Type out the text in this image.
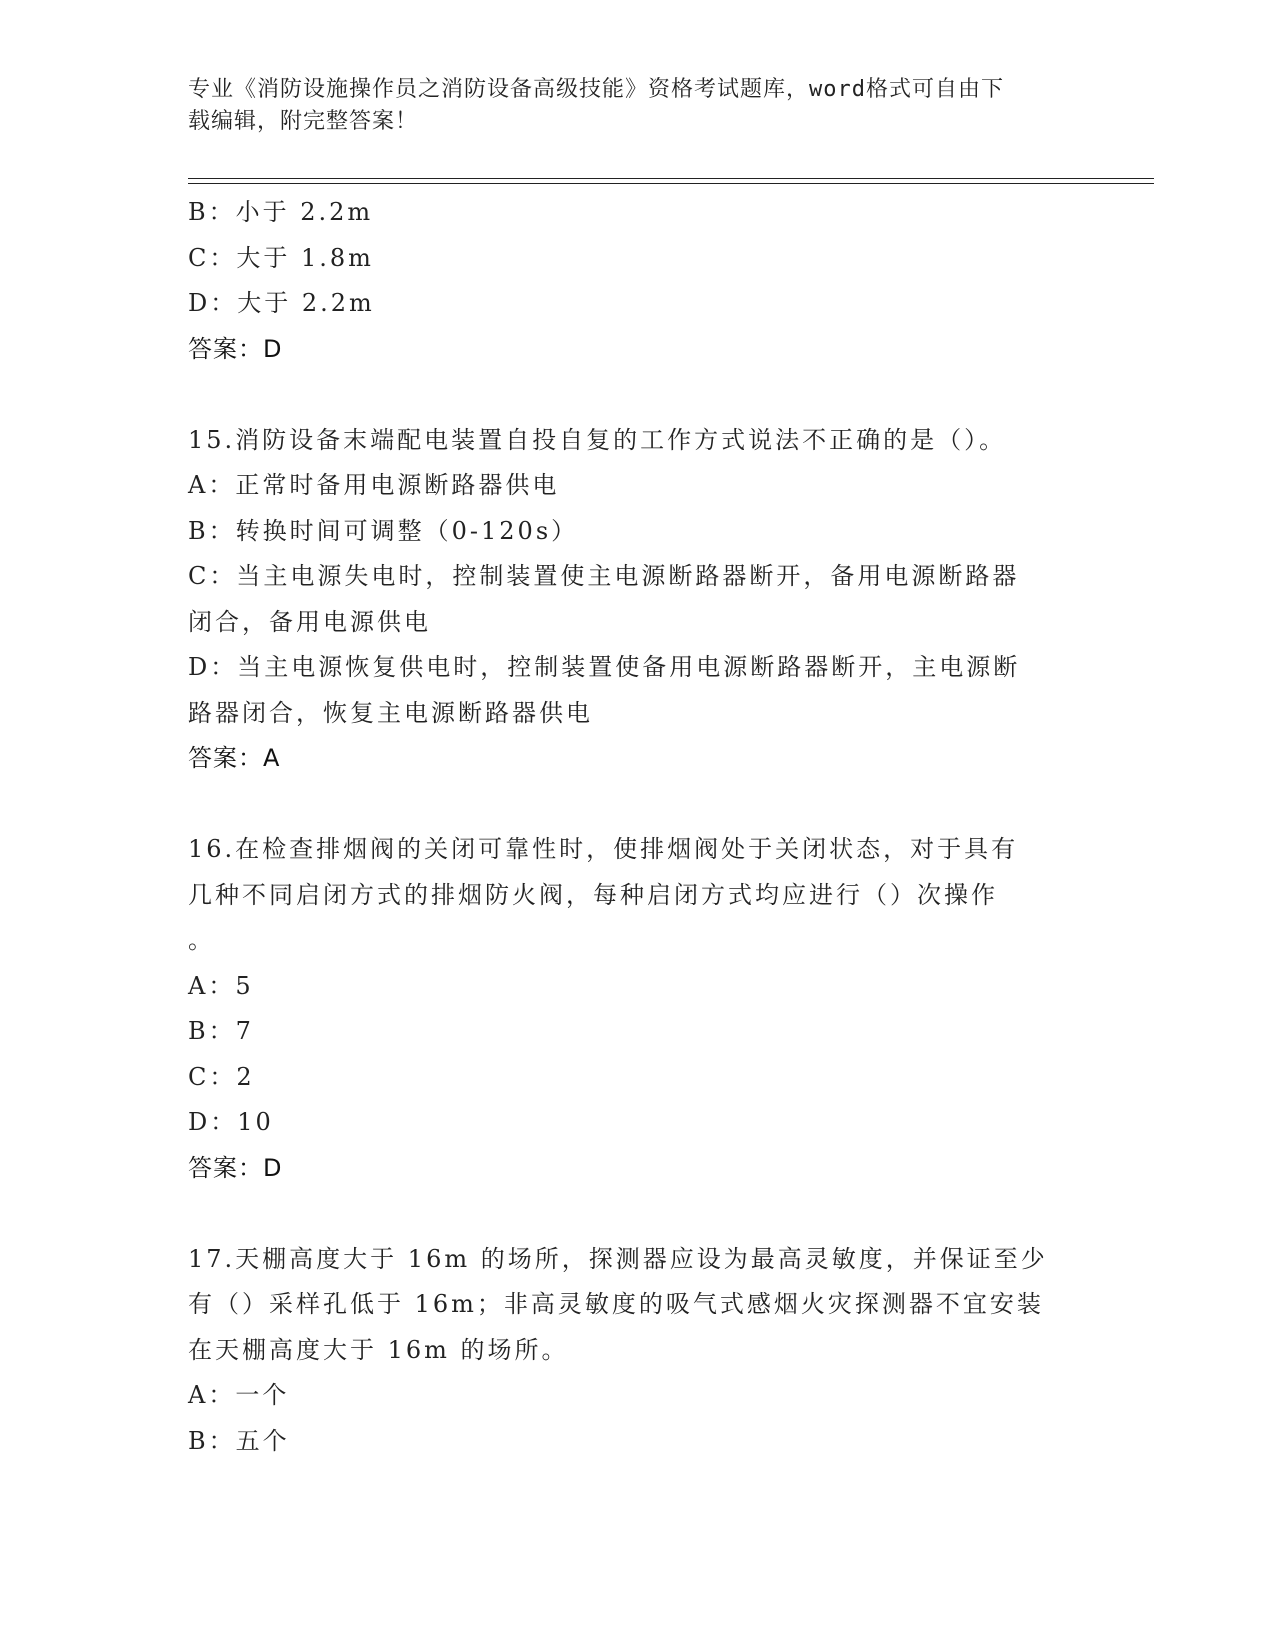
专业《消防设施操作员之消防设备高级技能》资格考试题库，word格式可自由下
载编辑，附完整答案！
B：小于 2.2m
C：大于 1.8m
D：大于 2.2m
答案：D
15.消防设备末端配电装置自投自复的工作方式说法不正确的是（）。
A：正常时备用电源断路器供电
B：转换时间可调整（0-120s）
C：当主电源失电时，控制装置使主电源断路器断开，备用电源断路器
闭合，备用电源供电
D：当主电源恢复供电时，控制装置使备用电源断路器断开，主电源断
路器闭合，恢复主电源断路器供电
答案：A
16.在检查排烟阀的关闭可靠性时，使排烟阀处于关闭状态，对于具有
几种不同启闭方式的排烟防火阀，每种启闭方式均应进行（）次操作
。
A：5
B：7
C：2
D：10
答案：D
17.天棚高度大于 16m 的场所，探测器应设为最高灵敏度，并保证至少
有（）采样孔低于 16m；非高灵敏度的吸气式感烟火灾探测器不宜安装
在天棚高度大于 16m 的场所。
A：一个
B：五个
